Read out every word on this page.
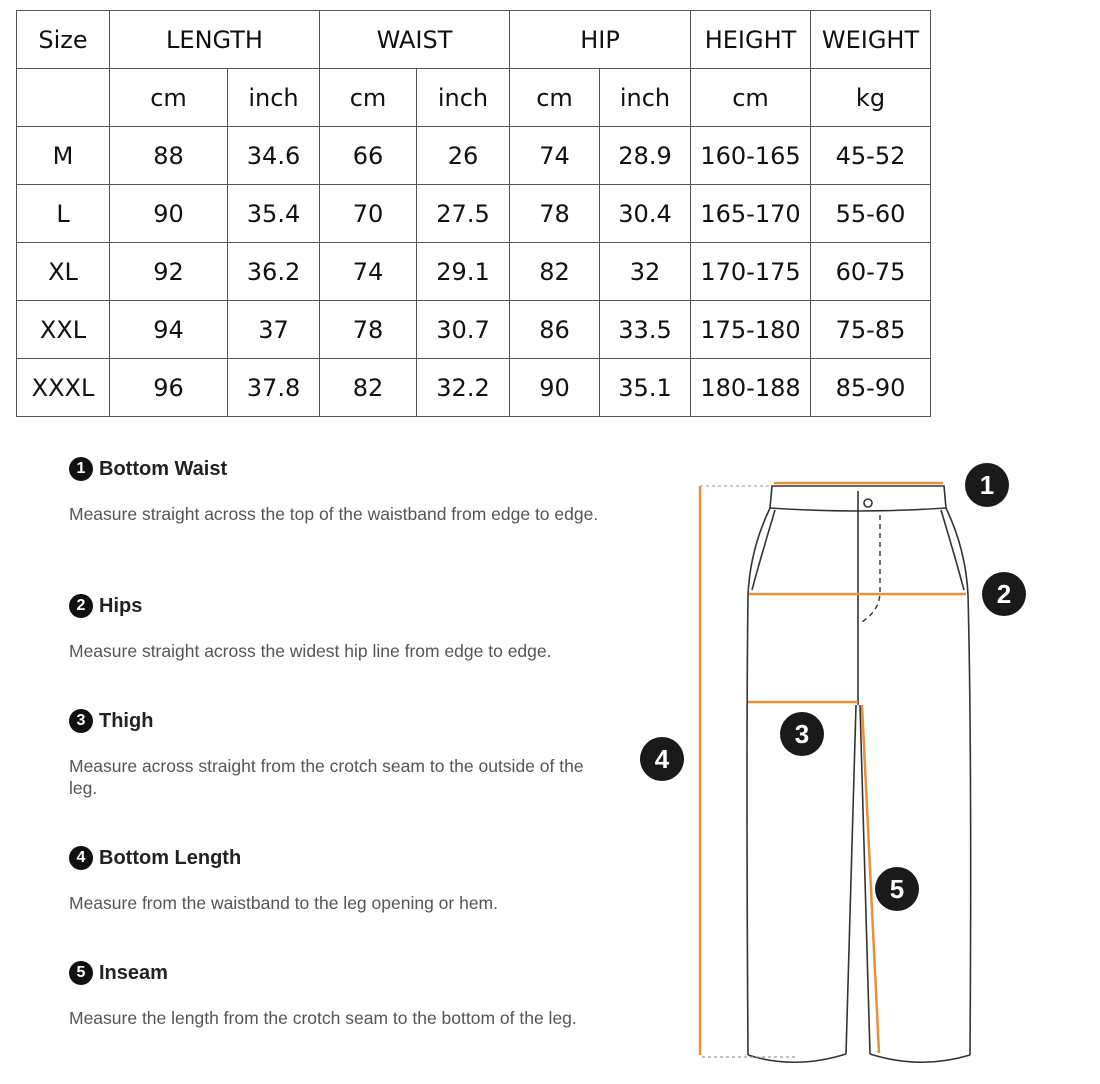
Size	LENGTH		WAIST		HIP		HEIGHT	WEIGHT
	cm	inch	cm	inch	cm	inch	cm	kg
M	88	34.6	66	26	74	28.9	160-165	45-52
L	90	35.4	70	27.5	78	30.4	165-170	55-60
XL	92	36.2	74	29.1	82	32	170-175	60-75
XXL	94	37	78	30.7	86	33.5	175-180	75-85
XXXL	96	37.8	82	32.2	90	35.1	180-188	85-90
1 Bottom Waist
Measure straight across the top of the waistband from edge to edge.
2 Hips
Measure straight across the widest hip line from edge to edge.
3 Thigh
Measure across straight from the crotch seam to the outside of the leg.
4 Bottom Length
Measure from the waistband to the leg opening or hem.
5 Inseam
Measure the length from the crotch seam to the bottom of the leg.
1
2
3
4
5
